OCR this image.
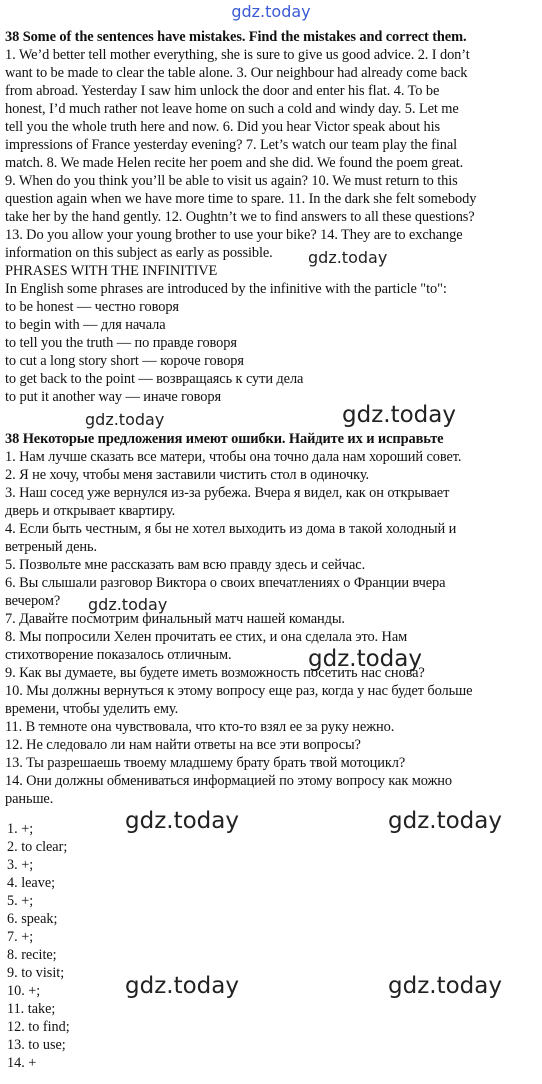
gdz.today
38 Some of the sentences have mistakes. Find the mistakes and correct them.
1. We’d better tell mother everything, she is sure to give us good advice. 2. I don’t
want to be made to clear the table alone. 3. Our neighbour had already come back
from abroad. Yesterday I saw him unlock the door and enter his flat. 4. To be
honest, I’d much rather not leave home on such a cold and windy day. 5. Let me
tell you the whole truth here and now. 6. Did you hear Victor speak about his
impressions of France yesterday evening? 7. Let’s watch our team play the final
match. 8. We made Helen recite her poem and she did. We found the poem great.
9. When do you think you’ll be able to visit us again? 10. We must return to this
question again when we have more time to spare. 11. In the dark she felt somebody
take her by the hand gently. 12. Oughtn’t we to find answers to all these questions?
13. Do you allow your young brother to use your bike? 14. They are to exchange
information on this subject as early as possible. gdz.today
PHRASES WITH THE INFINITIVE
In English some phrases are introduced by the infinitive with the particle "to":
to be honest — честно говоря
to begin with — для начала
to tell you the truth — по правде говоря
to cut a long story short — короче говоря
to get back to the point — возвращаясь к сути дела
to put it another way — иначе говоря
gdz.today	gdz.today
38 Некоторые предложения имеют ошибки. Найдите их и исправьте
1. Нам лучше сказать все матери, чтобы она точно дала нам хороший совет.
2. Я не хочу, чтобы меня заставили чистить стол в одиночку.
3. Наш сосед уже вернулся из-за рубежа. Вчера я видел, как он открывает
дверь и открывает квартиру.
4. Если быть честным, я бы не хотел выходить из дома в такой холодный и
ветреный день.
5. Позвольте мне рассказать вам всю правду здесь и сейчас.
6. Вы слышали разговор Виктора о своих впечатлениях о Франции вчера
вечером? gdz.today
7. Давайте посмотрим финальный матч нашей команды.
8. Мы попросили Хелен прочитать ее стих, и она сделала это. Нам
стихотворение показалось отличным.	gdz.today
9. Как вы думаете, вы будете иметь возможность посетить нас снова?
10. Мы должны вернуться к этому вопросу еще раз, когда у нас будет больше
времени, чтобы уделить ему.
11. В темноте она чувствовала, что кто-то взял ее за руку нежно.
12. Не следовало ли нам найти ответы на все эти вопросы?
13. Ты разрешаешь твоему младшему брату брать твой мотоцикл?
14. Они должны обмениваться информацией по этому вопросу как можно
раньше.
1. +;
2. to clear;
3. +;
4. leave;
5. +;
6. speak;
7. +;
8. recite;
9. to visit;
10. +;
11. take;
12. to find;
13. to use;
14. +
gdz.today	gdz.today
gdz.today	gdz.today
